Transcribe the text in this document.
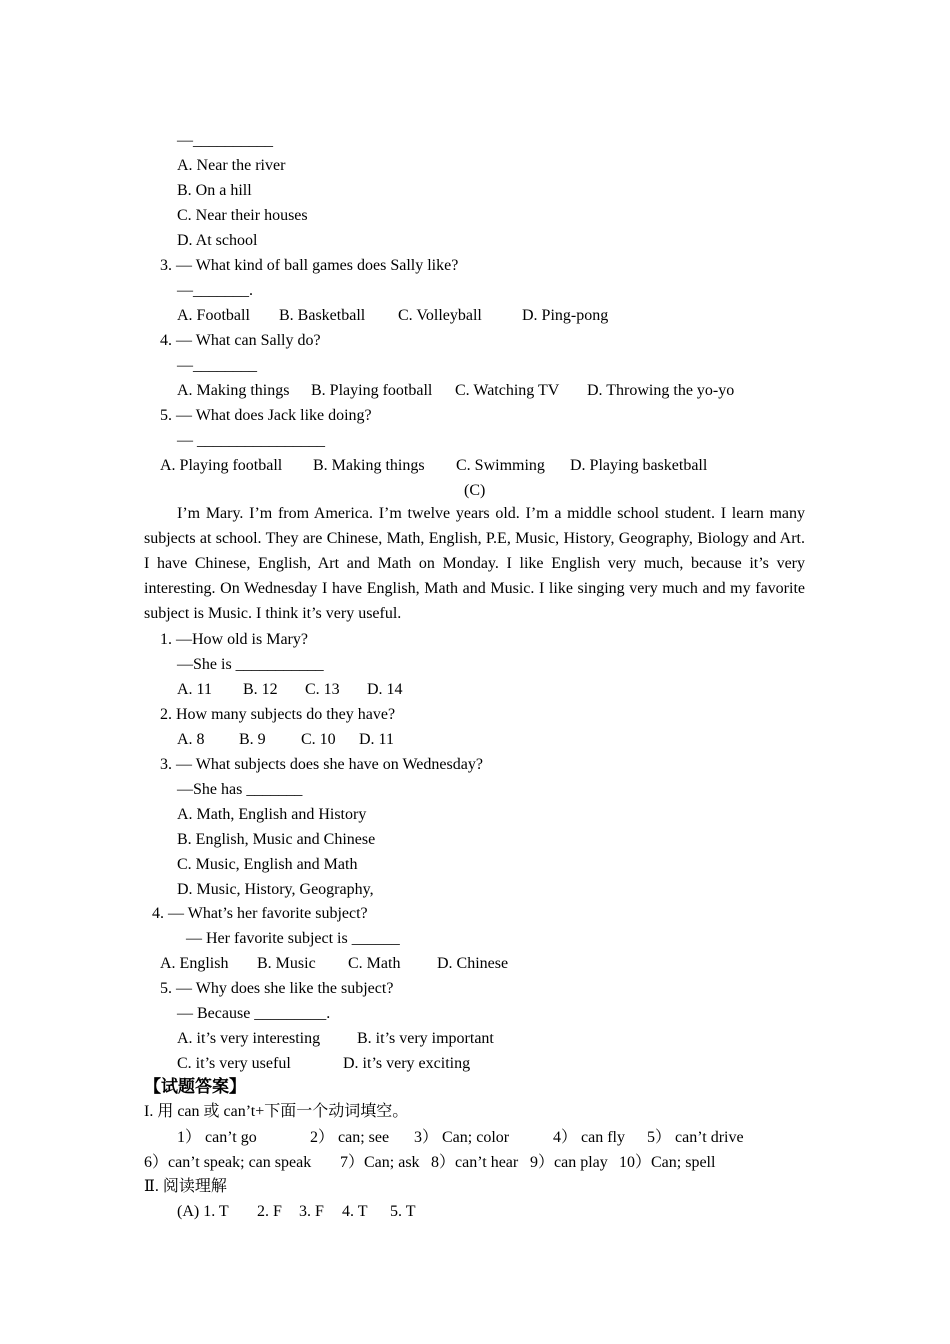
—__________
A. Near the river
B. On a hill
C. Near their houses
D. At school
3. — What kind of ball games does Sally like?
—_______.
A. Football B. Basketball C. Volleyball	D. Ping-pong
4. — What can Sally do?
—________
A. Making things B. Playing football C. Watching TV D. Throwing the yo-yo
5. — What does Jack like doing?
— ________________
A. Playing football B. Making things C. Swimming D. Playing basketball
(C)
I’m Mary. I’m from America. I’m twelve years old. I’m a middle school student. I learn many subjects at school. They are Chinese, Math, English, P.E, Music, History, Geography, Biology and Art. I have Chinese, English, Art and Math on Monday. I like English very much, because it’s very interesting. On Wednesday I have English, Math and Music. I like singing very much and my favorite subject is Music. I think it’s very useful.
1. —How old is Mary?
—She is ___________
A. 11 B. 12 C. 13 D. 14
2. How many subjects do they have?
A. 8 B. 9 C. 10 D. 11
3. — What subjects does she have on Wednesday?
—She has _______
A. Math, English and History
B. English, Music and Chinese
C. Music, English and Math
D. Music, History, Geography,
4. — What’s her favorite subject?
— Her favorite subject is ______
A. English B. Music C. Math D. Chinese
5. — Why does she like the subject?
— Because _________.
A. it’s very interesting B. it’s very important
C. it’s very useful	D. it’s very exciting
【试题答案】
I. 用 can 或 can’t+下面一个动词填空。
1） can’t go	2） can; see 3） Can; color	4） can fly 5） can’t drive
6）can’t speak; can speak 7）Can; ask 8）can’t hear 9）can play 10）Can; spell
Ⅱ. 阅读理解
(A) 1. T 2. F 3. F 4. T 5. T
